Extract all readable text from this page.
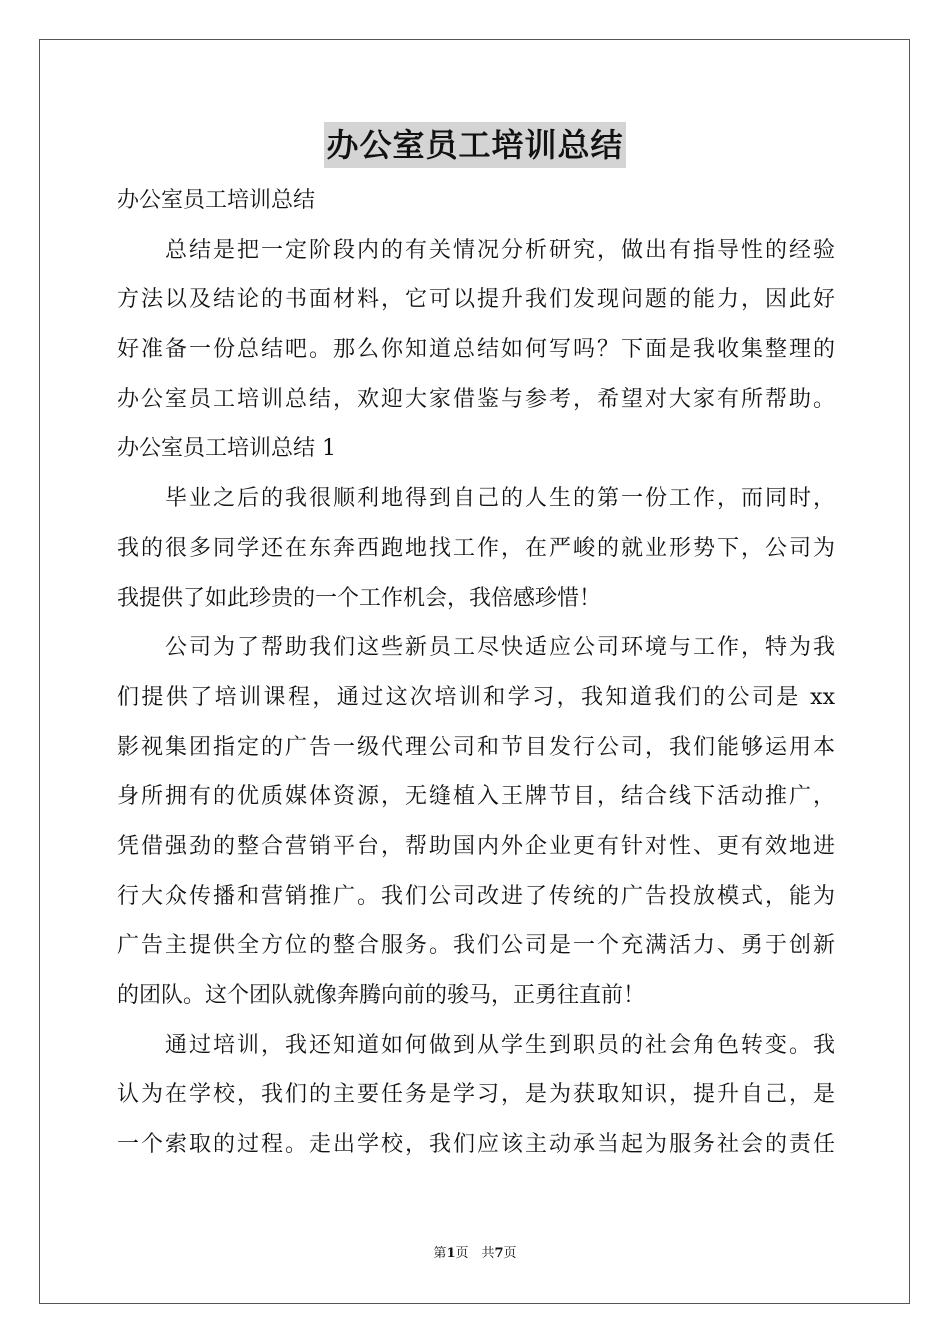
办公室员工培训总结
办公室员工培训总结
　　总结是把一定阶段内的有关情况分析研究，做出有指导性的经验
方法以及结论的书面材料，它可以提升我们发现问题的能力，因此好
好准备一份总结吧。那么你知道总结如何写吗？下面是我收集整理的
办公室员工培训总结，欢迎大家借鉴与参考，希望对大家有所帮助。
办公室员工培训总结 1
　　毕业之后的我很顺利地得到自己的人生的第一份工作，而同时，
我的很多同学还在东奔西跑地找工作，在严峻的就业形势下，公司为
我提供了如此珍贵的一个工作机会，我倍感珍惜！
　　公司为了帮助我们这些新员工尽快适应公司环境与工作，特为我
们提供了培训课程，通过这次培训和学习，我知道我们的公司是 xx
影视集团指定的广告一级代理公司和节目发行公司，我们能够运用本
身所拥有的优质媒体资源，无缝植入王牌节目，结合线下活动推广，
凭借强劲的整合营销平台，帮助国内外企业更有针对性、更有效地进
行大众传播和营销推广。我们公司改进了传统的广告投放模式，能为
广告主提供全方位的整合服务。我们公司是一个充满活力、勇于创新
的团队。这个团队就像奔腾向前的骏马，正勇往直前！
　　通过培训，我还知道如何做到从学生到职员的社会角色转变。我
认为在学校，我们的主要任务是学习，是为获取知识，提升自己，是
一个索取的过程。走出学校，我们应该主动承当起为服务社会的责任
第1页　共7页
